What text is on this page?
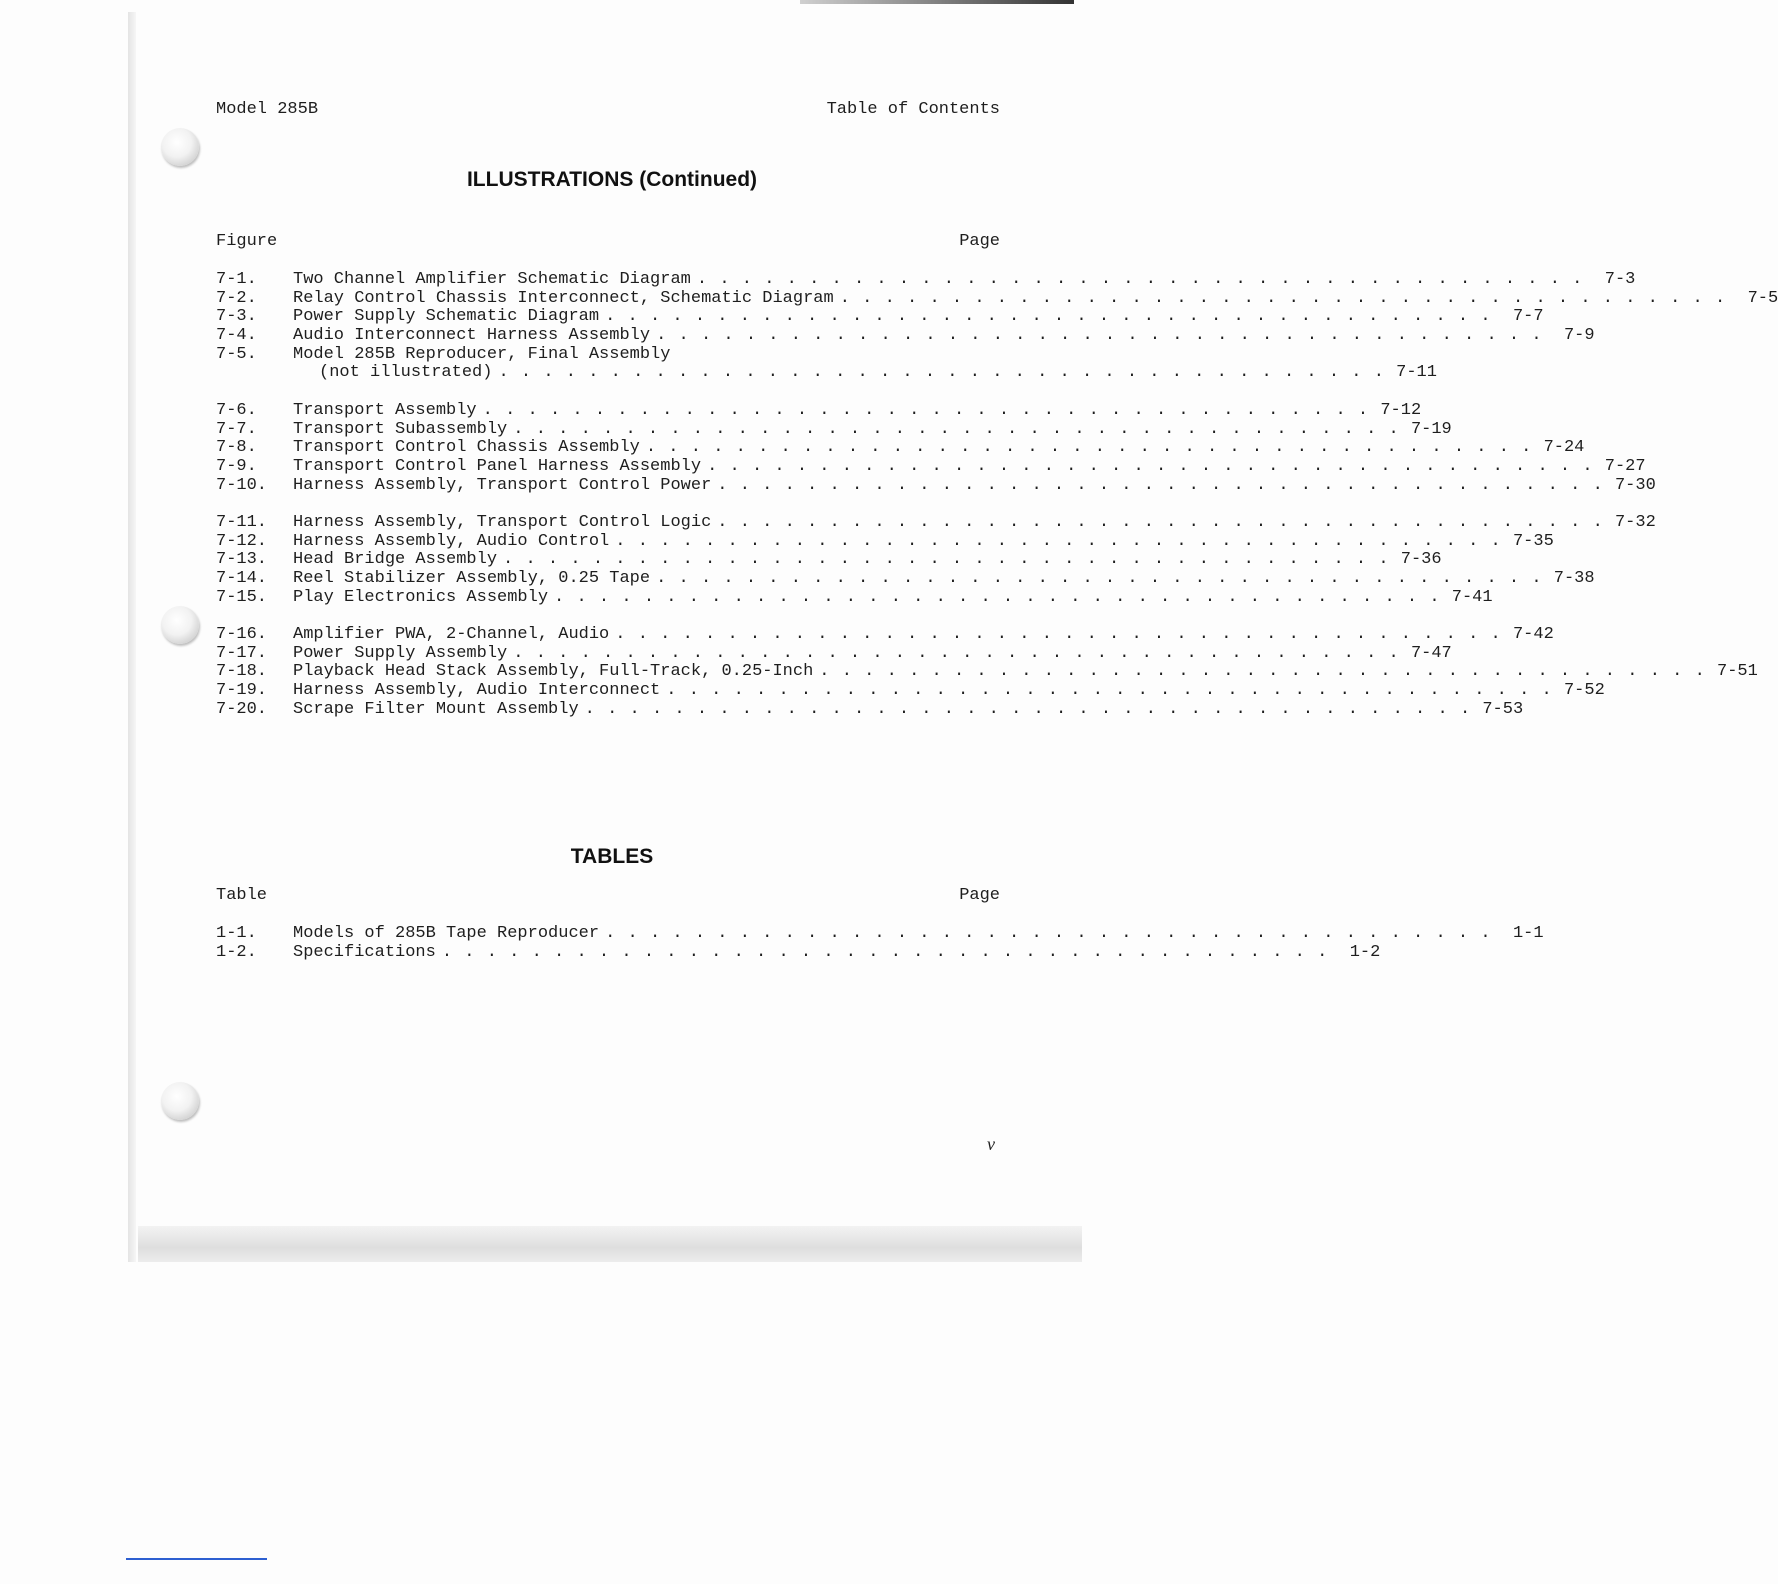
Model 285B	Table of Contents
ILLUSTRATIONS (Continued)
Figure	Page
7-1.	Two Channel Amplifier Schematic Diagram . . . . . . . . . . . . . . . . . . . . . . . . . . . . . . . . . . . . . . . .	7-3
7-2.	Relay Control Chassis Interconnect, Schematic Diagram . . . . . . . . . . . . . . . . . . . . . . . . . . . . . . . . . . . . . . . .	7-5
7-3.	Power Supply Schematic Diagram . . . . . . . . . . . . . . . . . . . . . . . . . . . . . . . . . . . . . . . .	7-7
7-4.	Audio Interconnect Harness Assembly . . . . . . . . . . . . . . . . . . . . . . . . . . . . . . . . . . . . . . . .	7-9
7-5.	Model 285B Reproducer, Final Assembly
(not illustrated) . . . . . . . . . . . . . . . . . . . . . . . . . . . . . . . . . . . . . . . . 7-11
7-6.	Transport Assembly . . . . . . . . . . . . . . . . . . . . . . . . . . . . . . . . . . . . . . . . 7-12
7-7.	Transport Subassembly . . . . . . . . . . . . . . . . . . . . . . . . . . . . . . . . . . . . . . . . 7-19
7-8.	Transport Control Chassis Assembly . . . . . . . . . . . . . . . . . . . . . . . . . . . . . . . . . . . . . . . . 7-24
7-9.	Transport Control Panel Harness Assembly . . . . . . . . . . . . . . . . . . . . . . . . . . . . . . . . . . . . . . . . 7-27
7-10.	Harness Assembly, Transport Control Power . . . . . . . . . . . . . . . . . . . . . . . . . . . . . . . . . . . . . . . . 7-30
7-11.	Harness Assembly, Transport Control Logic . . . . . . . . . . . . . . . . . . . . . . . . . . . . . . . . . . . . . . . . 7-32
7-12.	Harness Assembly, Audio Control . . . . . . . . . . . . . . . . . . . . . . . . . . . . . . . . . . . . . . . . 7-35
7-13.	Head Bridge Assembly . . . . . . . . . . . . . . . . . . . . . . . . . . . . . . . . . . . . . . . . 7-36
7-14.	Reel Stabilizer Assembly, 0.25 Tape . . . . . . . . . . . . . . . . . . . . . . . . . . . . . . . . . . . . . . . . 7-38
7-15.	Play Electronics Assembly . . . . . . . . . . . . . . . . . . . . . . . . . . . . . . . . . . . . . . . . 7-41
7-16.	Amplifier PWA, 2-Channel, Audio . . . . . . . . . . . . . . . . . . . . . . . . . . . . . . . . . . . . . . . . 7-42
7-17.	Power Supply Assembly . . . . . . . . . . . . . . . . . . . . . . . . . . . . . . . . . . . . . . . . 7-47
7-18.	Playback Head Stack Assembly, Full-Track, 0.25-Inch . . . . . . . . . . . . . . . . . . . . . . . . . . . . . . . . . . . . . . . . 7-51
7-19.	Harness Assembly, Audio Interconnect . . . . . . . . . . . . . . . . . . . . . . . . . . . . . . . . . . . . . . . . 7-52
7-20.	Scrape Filter Mount Assembly . . . . . . . . . . . . . . . . . . . . . . . . . . . . . . . . . . . . . . . . 7-53
TABLES
Table	Page
1-1.	Models of 285B Tape Reproducer . . . . . . . . . . . . . . . . . . . . . . . . . . . . . . . . . . . . . . . .	1-1
1-2.	Specifications . . . . . . . . . . . . . . . . . . . . . . . . . . . . . . . . . . . . . . . .	1-2
v
